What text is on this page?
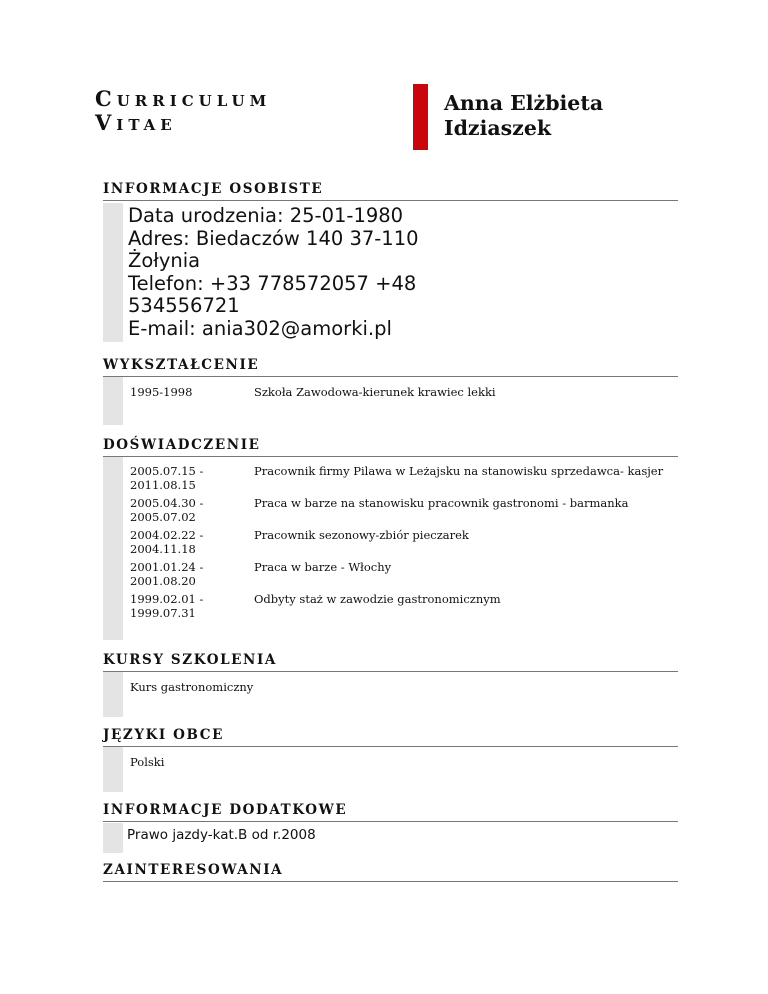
CURRICULUM
VITAE
Anna Elżbieta
Idziaszek
INFORMACJE OSOBISTE
Data urodzenia: 25-01-1980
Adres: Biedaczów 140 37-110
Żołynia
Telefon: +33 778572057 +48
534556721
E-mail: ania302@amorki.pl
WYKSZTAŁCENIE
1995-1998	Szkoła Zawodowa-kierunek krawiec lekki
DOŚWIADCZENIE
2005.07.15 -
2011.08.15
Pracownik firmy Pilawa w Leżajsku na stanowisku sprzedawca- kasjer
2005.04.30 -
2005.07.02
Praca w barze na stanowisku pracownik gastronomi - barmanka
2004.02.22 -
2004.11.18
Pracownik sezonowy-zbiór pieczarek
2001.01.24 -
2001.08.20
Praca w barze - Włochy
1999.02.01 -
1999.07.31
Odbyty staż w zawodzie gastronomicznym
KURSY SZKOLENIA
Kurs gastronomiczny
JĘZYKI OBCE
Polski
INFORMACJE DODATKOWE
Prawo jazdy-kat.B od r.2008
ZAINTERESOWANIA
